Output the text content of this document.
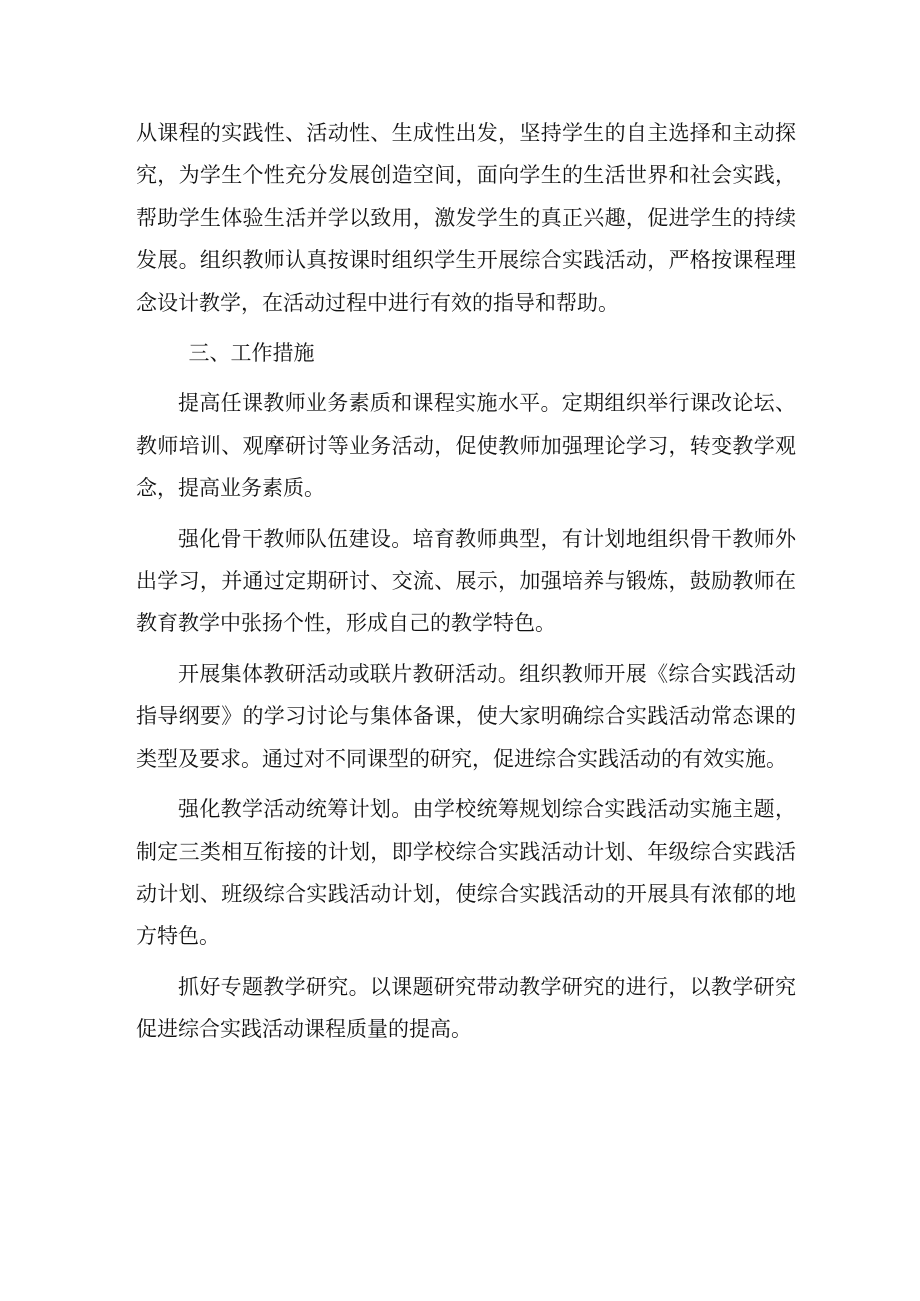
从课程的实践性、活动性、生成性出发，坚持学生的自主选择和主动探究，为学生个性充分发展创造空间，面向学生的生活世界和社会实践，帮助学生体验生活并学以致用，激发学生的真正兴趣，促进学生的持续发展。组织教师认真按课时组织学生开展综合实践活动，严格按课程理念设计教学，在活动过程中进行有效的指导和帮助。

三、工作措施

提高任课教师业务素质和课程实施水平。定期组织举行课改论坛、教师培训、观摩研讨等业务活动，促使教师加强理论学习，转变教学观念，提高业务素质。

强化骨干教师队伍建设。培育教师典型，有计划地组织骨干教师外出学习，并通过定期研讨、交流、展示，加强培养与锻炼，鼓励教师在教育教学中张扬个性，形成自己的教学特色。

开展集体教研活动或联片教研活动。组织教师开展《综合实践活动指导纲要》的学习讨论与集体备课，使大家明确综合实践活动常态课的类型及要求。通过对不同课型的研究，促进综合实践活动的有效实施。

强化教学活动统筹计划。由学校统筹规划综合实践活动实施主题，制定三类相互衔接的计划，即学校综合实践活动计划、年级综合实践活动计划、班级综合实践活动计划，使综合实践活动的开展具有浓郁的地方特色。

抓好专题教学研究。以课题研究带动教学研究的进行，以教学研究促进综合实践活动课程质量的提高。
